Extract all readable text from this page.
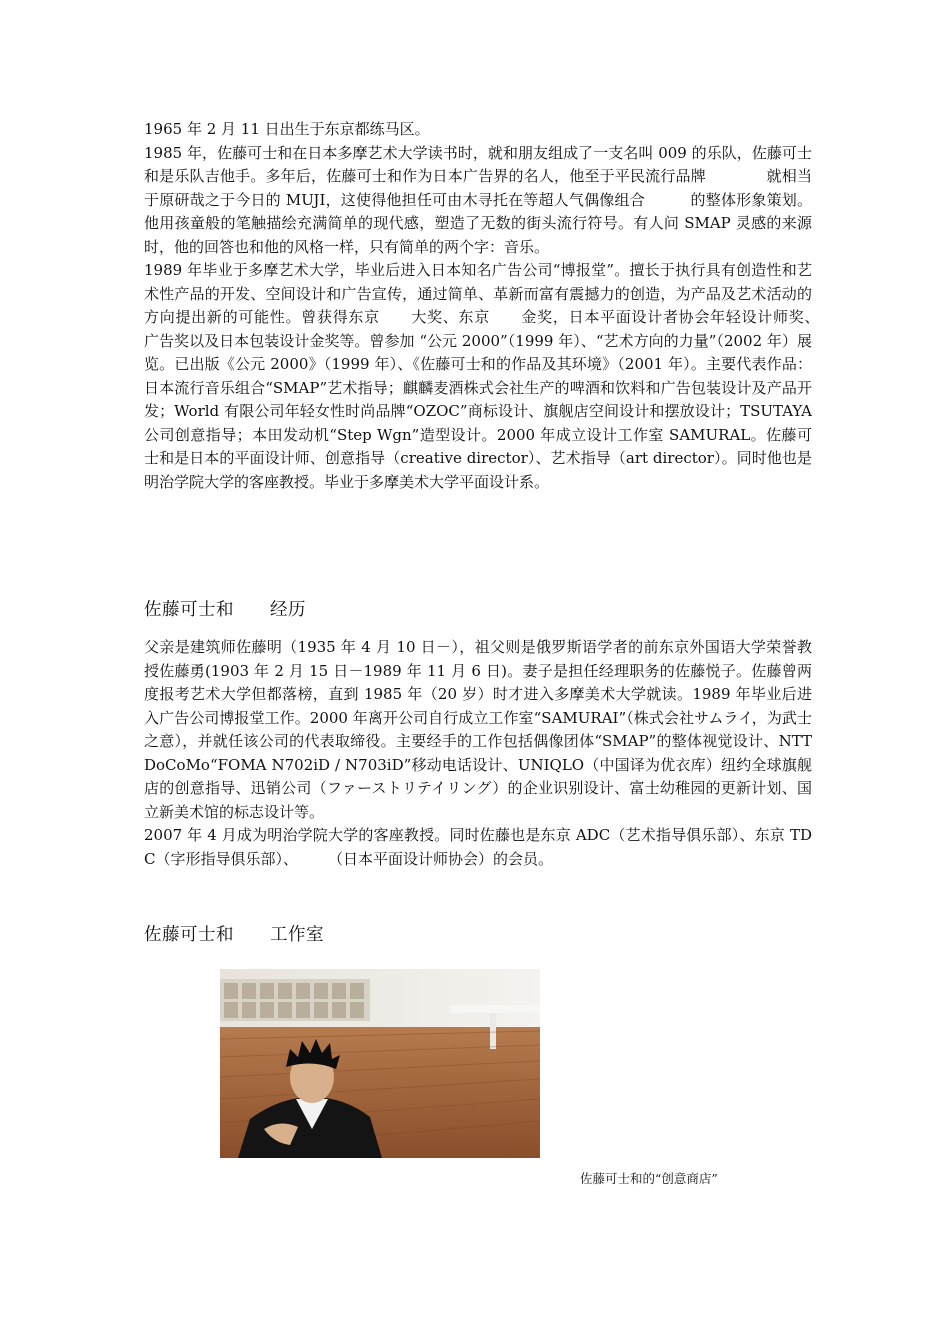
1965 年 2 月 11 日出生于东京都练马区。

1985 年，佐藤可士和在日本多摩艺术大学读书时，就和朋友组成了一支名叫 009 的乐队，佐藤可士和是乐队吉他手。多年后，佐藤可士和作为日本广告界的名人，他至于平民流行品牌　　　　就相当于原研哉之于今日的 MUJI，这使得他担任可由木寻托在等超人气偶像组合　　　的整体形象策划。他用孩童般的笔触描绘充满简单的现代感，塑造了无数的街头流行符号。有人问 SMAP 灵感的来源时，他的回答也和他的风格一样，只有简单的两个字：音乐。

1989 年毕业于多摩艺术大学，毕业后进入日本知名广告公司“博报堂”。擅长于执行具有创造性和艺术性产品的开发、空间设计和广告宣传，通过简单、革新而富有震撼力的创造，为产品及艺术活动的方向提出新的可能性。曾获得东京　　大奖、东京　　金奖，日本平面设计者协会年轻设计师奖、　　　广告奖以及日本包装设计金奖等。曾参加 “公元 2000”（1999 年）、“艺术方向的力量”（2002 年）展览。已出版《公元 2000》（1999 年）、《佐藤可士和的作品及其环境》（2001 年）。主要代表作品：日本流行音乐组合“SMAP”艺术指导；麒麟麦酒株式会社生产的啤酒和饮料和广告包装设计及产品开发；World 有限公司年轻女性时尚品牌“OZOC”商标设计、旗舰店空间设计和摆放设计；TSUTAYA 公司创意指导；本田发动机“Step Wgn”造型设计。2000 年成立设计工作室 SAMURAL。佐藤可士和是日本的平面设计师、创意指导（creative director）、艺术指导（art director）。同时他也是明治学院大学的客座教授。毕业于多摩美术大学平面设计系。

佐藤可士和　　经历

父亲是建筑师佐藤明（1935 年 4 月 10 日－），祖父则是俄罗斯语学者的前东京外国语大学荣誉教授佐藤勇(1903 年 2 月 15 日－1989 年 11 月 6 日)。妻子是担任经理职务的佐藤悦子。佐藤曾两度报考艺术大学但都落榜，直到 1985 年（20 岁）时才进入多摩美术大学就读。1989 年毕业后进入广告公司博报堂工作。2000 年离开公司自行成立工作室“SAMURAI”（株式会社サムライ，为武士之意），并就任该公司的代表取缔役。主要经手的工作包括偶像团体“SMAP”的整体视觉设计、NTT DoCoMo“FOMA N702iD / N703iD”移动电话设计、UNIQLO（中国译为优衣库）纽约全球旗舰店的创意指导、迅销公司（ファーストリテイリング）的企业识别设计、富士幼稚园的更新计划、国立新美术馆的标志设计等。

2007 年 4 月成为明治学院大学的客座教授。同时佐藤也是东京 ADC（艺术指导俱乐部）、东京 TDC（字形指导俱乐部）、　　　（日本平面设计师协会）的会员。

佐藤可士和　　工作室
佐藤可士和的“创意商店”
